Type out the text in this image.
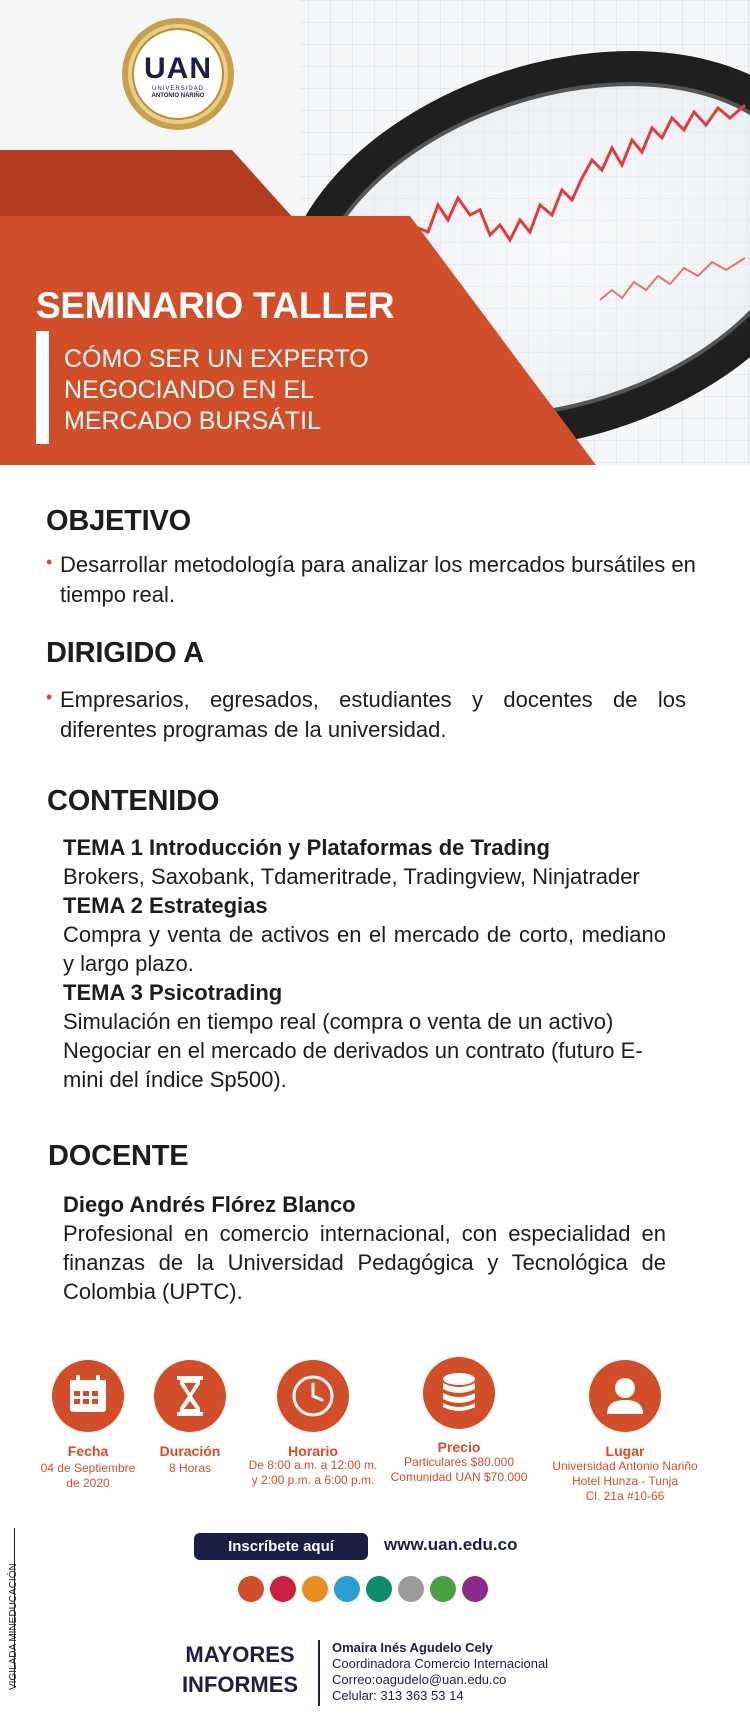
UAN
UNIVERSIDAD
ANTONIO NARIÑO
SEMINARIO TALLER
CÓMO SER UN EXPERTO
NEGOCIANDO EN EL
MERCADO BURSÁTIL
OBJETIVO
• Desarrollar metodología para analizar los mercados bursátiles en tiempo real.
DIRIGIDO A
• Empresarios, egresados, estudiantes y docentes de los diferentes programas de la universidad.
CONTENIDO
TEMA 1 Introducción y Plataformas de Trading
Brokers, Saxobank, Tdameritrade, Tradingview, Ninjatrader
TEMA 2 Estrategias
Compra y venta de activos en el mercado de corto, mediano y largo plazo.
TEMA 3 Psicotrading
Simulación en tiempo real (compra o venta de un activo)
Negociar en el mercado de derivados un contrato (futuro E-mini del índice Sp500).
DOCENTE
Diego Andrés Flórez Blanco
Profesional en comercio internacional, con especialidad en finanzas de la Universidad Pedagógica y Tecnológica de Colombia (UPTC).
Fecha
04 de Septiembre
de 2020
Duración
8 Horas
Horario
De 8:00 a.m. a 12:00 m.
y 2:00 p.m. a 6:00 p.m.
Precio
Particulares $80.000
Comunidad UAN $70.000
Lugar
Universidad Antonio Nariño
Hotel Hunza - Tunja
Cl. 21a #10-66
VIGILADA MINEDUCACIÓN
Inscríbete aquí	www.uan.edu.co
MAYORES
INFORMES
Omaira Inés Agudelo Cely
Coordinadora Comercio Internacional
Correo:oagudelo@uan.edu.co
Celular: 313 363 53 14
